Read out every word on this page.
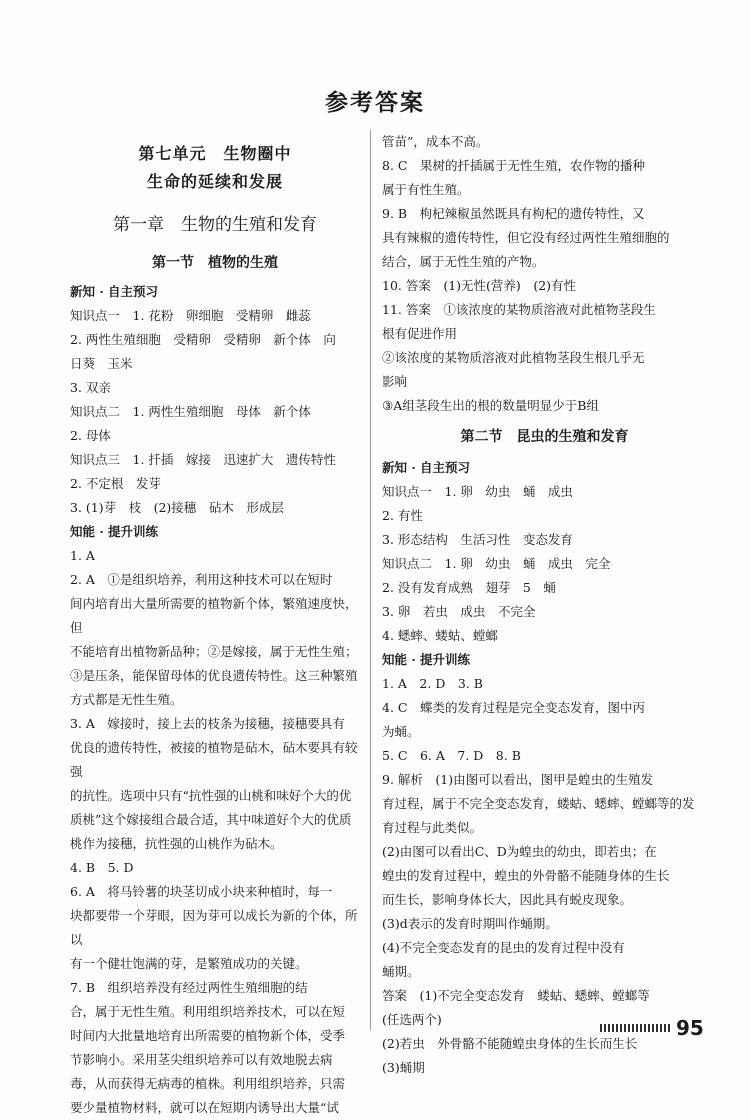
参考答案
第七单元　生物圈中
生命的延续和发展
第一章　生物的生殖和发育
第一节　植物的生殖
新知 · 自主预习
知识点一　1. 花粉　卵细胞　受精卵　雌蕊
2. 两性生殖细胞　受精卵　受精卵　新个体　向
日葵　玉米
3. 双亲
知识点二　1. 两性生殖细胞　母体　新个体
2. 母体
知识点三　1. 扦插　嫁接　迅速扩大　遗传特性
2. 不定根　发芽
3. (1)芽　枝　(2)接穗　砧木　形成层
知能 · 提升训练
1. A
2. A　①是组织培养，利用这种技术可以在短时
间内培育出大量所需要的植物新个体，繁殖速度快，但
不能培育出植物新品种；②是嫁接，属于无性生殖；
③是压条，能保留母体的优良遗传特性。这三种繁殖
方式都是无性生殖。
3. A　嫁接时，接上去的枝条为接穗，接穗要具有
优良的遗传特性，被接的植物是砧木，砧木要具有较强
的抗性。选项中只有“抗性强的山桃和味好个大的优
质桃”这个嫁接组合最合适，其中味道好个大的优质
桃作为接穗，抗性强的山桃作为砧木。
4. B　5. D
6. A　将马铃薯的块茎切成小块来种植时，每一
块都要带一个芽眼，因为芽可以成长为新的个体，所以
有一个健壮饱满的芽，是繁殖成功的关键。
7. B　组织培养没有经过两性生殖细胞的结
合，属于无性生殖。利用组织培养技术，可以在短
时间内大批量地培育出所需要的植物新个体，受季
节影响小。采用茎尖组织培养可以有效地脱去病
毒，从而获得无病毒的植株。利用组织培养，只需
要少量植物材料，就可以在短期内诱导出大量“试
管苗”，成本不高。
8. C　果树的扦插属于无性生殖，农作物的播种
属于有性生殖。
9. B　枸杞辣椒虽然既具有枸杞的遗传特性，又
具有辣椒的遗传特性，但它没有经过两性生殖细胞的
结合，属于无性生殖的产物。
10. 答案　(1)无性(营养)　(2)有性
11. 答案　①该浓度的某物质溶液对此植物茎段生
根有促进作用
②该浓度的某物质溶液对此植物茎段生根几乎无
影响
③A组茎段生出的根的数量明显少于B组
第二节　昆虫的生殖和发育
新知 · 自主预习
知识点一　1. 卵　幼虫　蛹　成虫
2. 有性
3. 形态结构　生活习性　变态发育
知识点二　1. 卵　幼虫　蛹　成虫　完全
2. 没有发育成熟　翅芽　5　蛹
3. 卵　若虫　成虫　不完全
4. 蟋蟀、蝼蛄、螳螂
知能 · 提升训练
1. A　2. D　3. B
4. C　蝶类的发育过程是完全变态发育，图中丙
为蛹。
5. C　6. A　7. D　8. B
9. 解析　(1)由图可以看出，图甲是蝗虫的生殖发
育过程，属于不完全变态发育，蝼蛄、蟋蟀、螳螂等的发
育过程与此类似。
(2)由图可以看出C、D为蝗虫的幼虫，即若虫；在
蝗虫的发育过程中，蝗虫的外骨骼不能随身体的生长
而生长，影响身体长大，因此具有蜕皮现象。
(3)d表示的发育时期叫作蛹期。
(4)不完全变态发育的昆虫的发育过程中没有
蛹期。
答案　(1)不完全变态发育　蝼蛄、蟋蟀、螳螂等
(任选两个)
(2)若虫　外骨骼不能随蝗虫身体的生长而生长
(3)蛹期
95
